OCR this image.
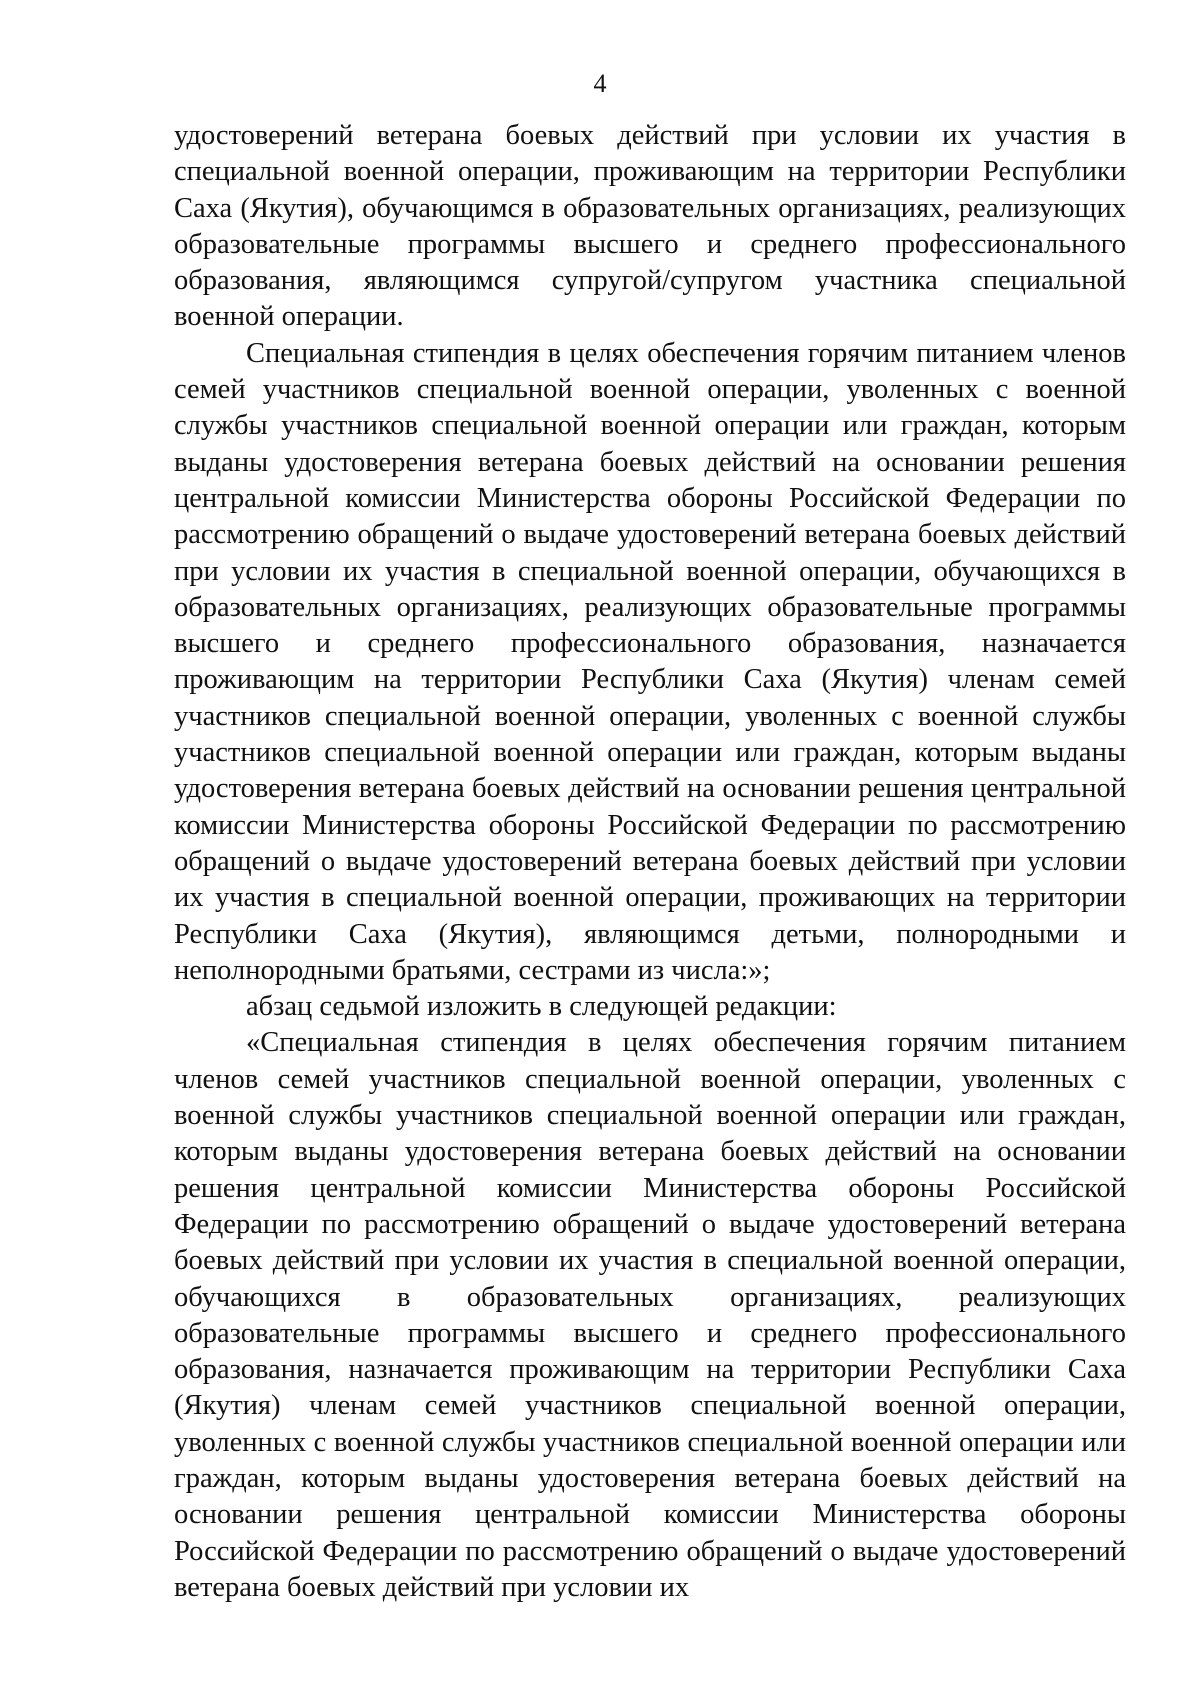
4

удостоверений ветерана боевых действий при условии их участия в специальной военной операции, проживающим на территории Республики Саха (Якутия), обучающимся в образовательных организациях, реализующих образовательные программы высшего и среднего профессионального образования, являющимся супругой/супругом участника специальной военной операции.

Специальная стипендия в целях обеспечения горячим питанием членов семей участников специальной военной операции, уволенных с военной службы участников специальной военной операции или граждан, которым выданы удостоверения ветерана боевых действий на основании решения центральной комиссии Министерства обороны Российской Федерации по рассмотрению обращений о выдаче удостоверений ветерана боевых действий при условии их участия в специальной военной операции, обучающихся в образовательных организациях, реализующих образовательные программы высшего и среднего профессионального образования, назначается проживающим на территории Республики Саха (Якутия) членам семей участников специальной военной операции, уволенных с военной службы участников специальной военной операции или граждан, которым выданы удостоверения ветерана боевых действий на основании решения центральной комиссии Министерства обороны Российской Федерации по рассмотрению обращений о выдаче удостоверений ветерана боевых действий при условии их участия в специальной военной операции, проживающих на территории Республики Саха (Якутия), являющимся детьми, полнородными и неполнородными братьями, сестрами из числа:»;

абзац седьмой изложить в следующей редакции:

«Специальная стипендия в целях обеспечения горячим питанием членов семей участников специальной военной операции, уволенных с военной службы участников специальной военной операции или граждан, которым выданы удостоверения ветерана боевых действий на основании решения центральной комиссии Министерства обороны Российской Федерации по рассмотрению обращений о выдаче удостоверений ветерана боевых действий при условии их участия в специальной военной операции, обучающихся в образовательных организациях, реализующих образовательные программы высшего и среднего профессионального образования, назначается проживающим на территории Республики Саха (Якутия) членам семей участников специальной военной операции, уволенных с военной службы участников специальной военной операции или граждан, которым выданы удостоверения ветерана боевых действий на основании решения центральной комиссии Министерства обороны Российской Федерации по рассмотрению обращений о выдаче удостоверений ветерана боевых действий при условии их
